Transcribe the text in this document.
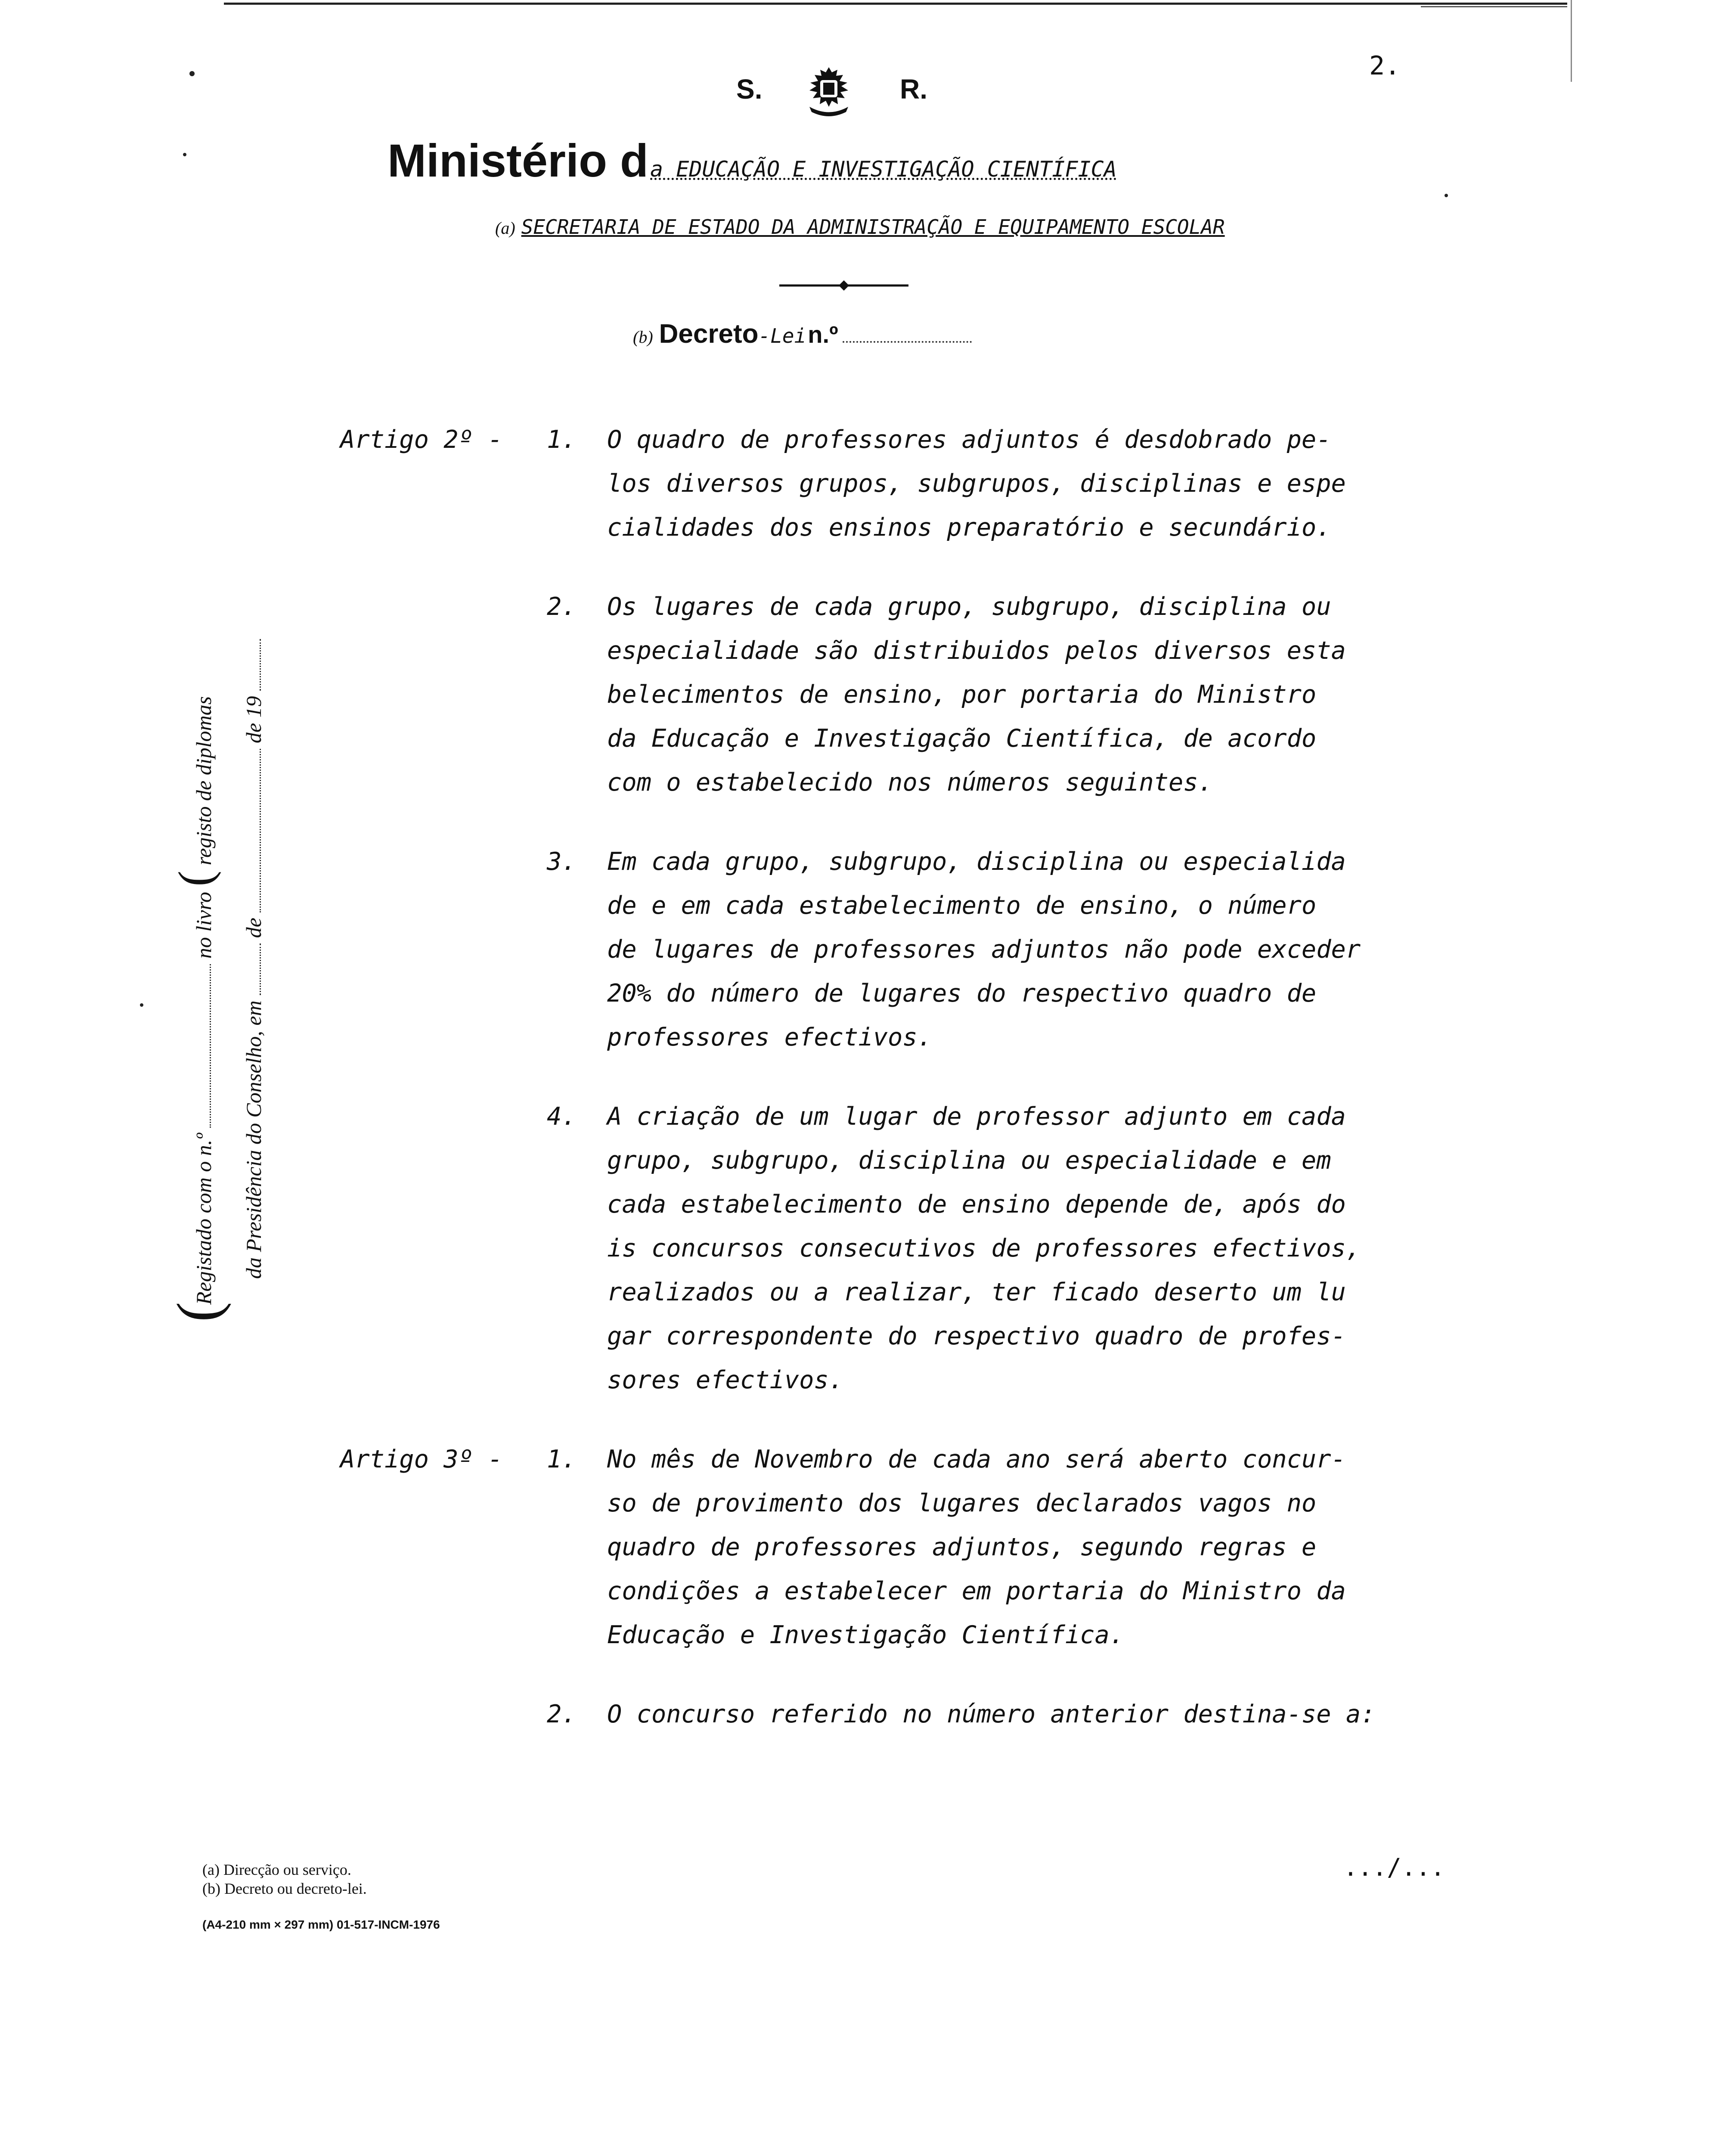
S.	R.
2.
Ministério da EDUCAÇÃO E INVESTIGAÇÃO CIENTÍFICA
(a) SECRETARIA DE ESTADO DA ADMINISTRAÇÃO E EQUIPAMENTO ESCOLAR
(b) Decreto-Lei n.º
(
Registado com o n.º  no livro ( registo de diplomas
da Presidência do Conselho, em  de  de 19
Artigo 2º - 1. O quadro de professores adjuntos é desdobrado pe-
los diversos grupos, subgrupos, disciplinas e espe
cialidades dos ensinos preparatório e secundário.
2. Os lugares de cada grupo, subgrupo, disciplina ou
especialidade são distribuidos pelos diversos esta
belecimentos de ensino, por portaria do Ministro
da Educação e Investigação Científica, de acordo
com o estabelecido nos números seguintes.
3. Em cada grupo, subgrupo, disciplina ou especialida
de e em cada estabelecimento de ensino, o número
de lugares de professores adjuntos não pode exceder
20% do número de lugares do respectivo quadro de
professores efectivos.
4. A criação de um lugar de professor adjunto em cada
grupo, subgrupo, disciplina ou especialidade e em
cada estabelecimento de ensino depende de, após do
is concursos consecutivos de professores efectivos,
realizados ou a realizar, ter ficado deserto um lu
gar correspondente do respectivo quadro de profes-
sores efectivos.
Artigo 3º - 1. No mês de Novembro de cada ano será aberto concur-
so de provimento dos lugares declarados vagos no
quadro de professores adjuntos, segundo regras e
condições a estabelecer em portaria do Ministro da
Educação e Investigação Científica.
2. O concurso referido no número anterior destina-se a:
(a) Direcção ou serviço.
(b) Decreto ou decreto-lei.
(A4-210 mm × 297 mm) 01-517-INCM-1976
.../...
